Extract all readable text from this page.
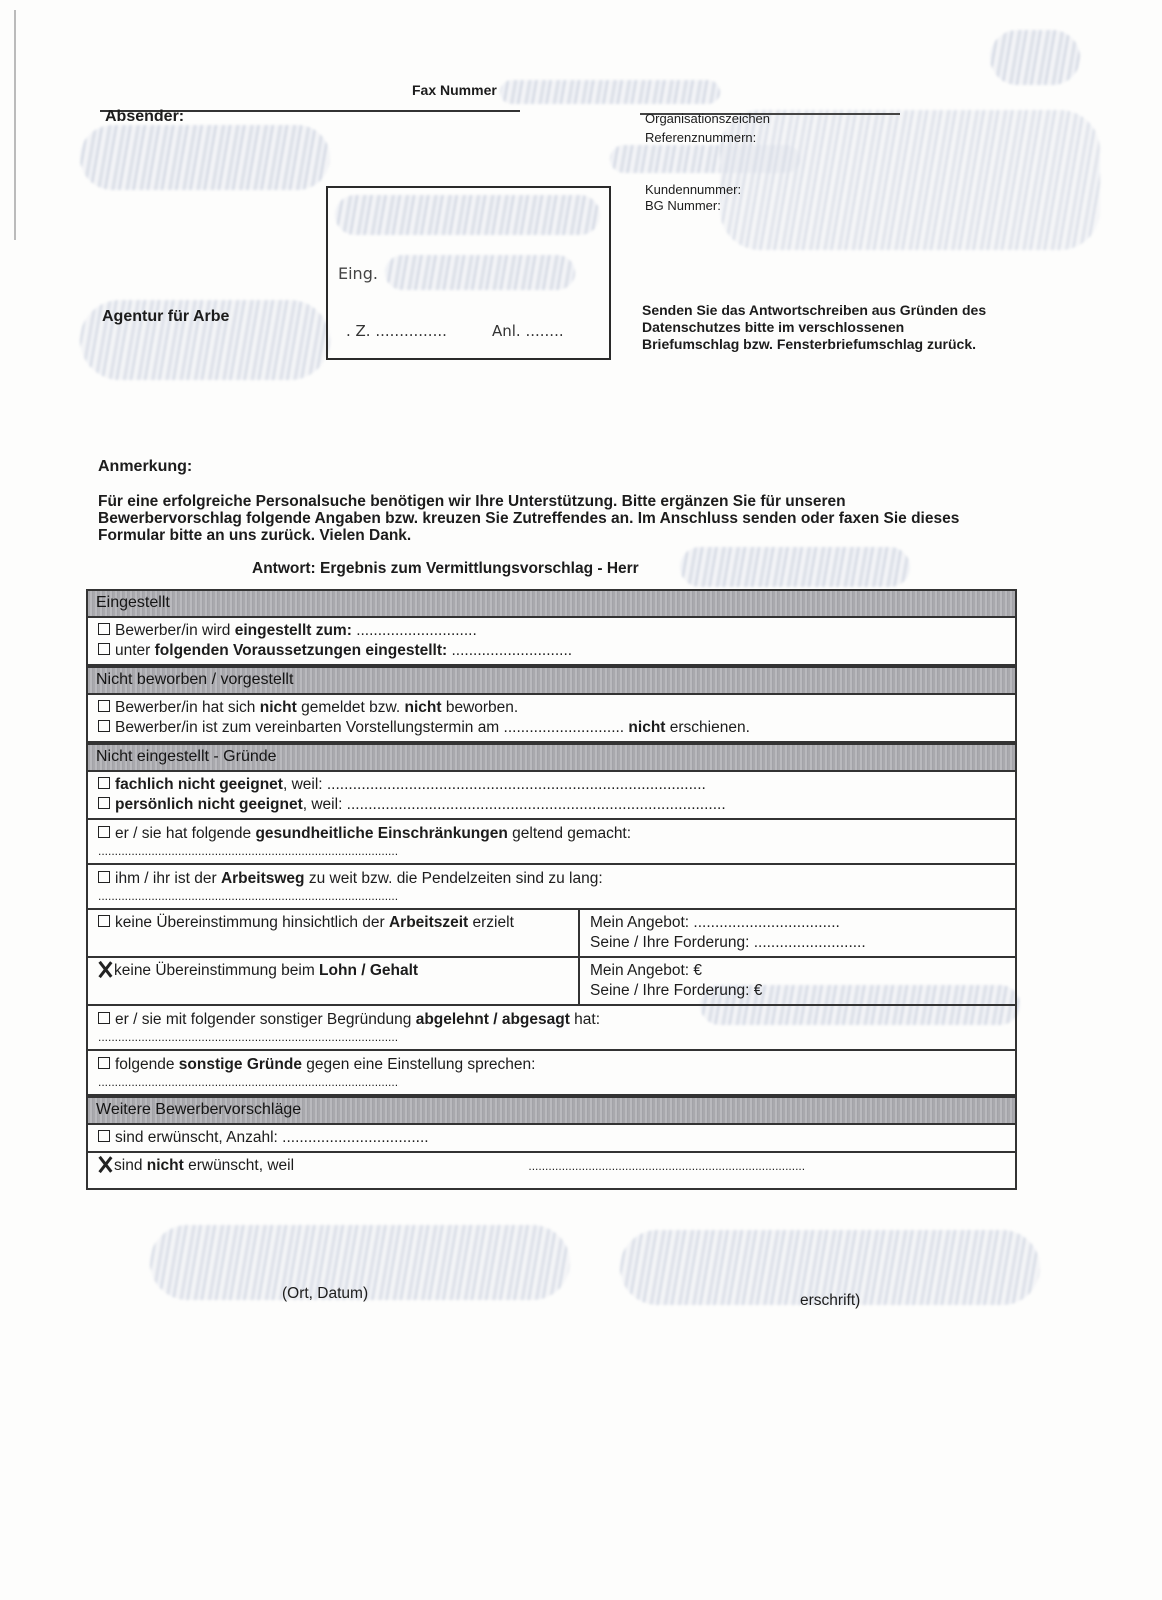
Fax Nummer
Absender:	Organisationszeichen
Referenznummern:
Kundennummer:
BG Nummer:
Agentur für Arbe
Eing.
. Z. ...............	Anl. ........
Senden Sie das Antwortschreiben aus Gründen des
Datenschutzes bitte im verschlossenen
Briefumschlag bzw. Fensterbriefumschlag zurück.
Anmerkung:
Für eine erfolgreiche Personalsuche benötigen wir Ihre Unterstützung. Bitte ergänzen Sie für unseren
Bewerbervorschlag folgende Angaben bzw. kreuzen Sie Zutreffendes an. Im Anschluss senden oder faxen Sie dieses
Formular bitte an uns zurück. Vielen Dank.
Antwort: Ergebnis zum Vermittlungsvorschlag - Herr
Eingestellt
Bewerber/in wird eingestellt zum: ............................
unter folgenden Voraussetzungen eingestellt: ............................
Nicht beworben / vorgestellt
Bewerber/in hat sich nicht gemeldet bzw. nicht beworben.
Bewerber/in ist zum vereinbarten Vorstellungstermin am ............................ nicht erschienen.
Nicht eingestellt - Gründe
fachlich nicht geeignet, weil: ........................................................................................
persönlich nicht geeignet, weil: ........................................................................................
er / sie hat folgende gesundheitliche Einschränkungen geltend gemacht:
..........................................................................................
ihm / ihr ist der Arbeitsweg zu weit bzw. die Pendelzeiten sind zu lang:
..........................................................................................
keine Übereinstimmung hinsichtlich der Arbeitszeit erzielt	Mein Angebot: ..................................
Seine / Ihre Forderung: ..........................
keine Übereinstimmung beim Lohn / Gehalt	Mein Angebot: €
Seine / Ihre Forderung: €
er / sie mit folgender sonstiger Begründung abgelehnt / abgesagt hat:
..........................................................................................
folgende sonstige Gründe gegen eine Einstellung sprechen:
..........................................................................................
Weitere Bewerbervorschläge
sind erwünscht, Anzahl: ..................................
sind nicht erwünscht, weil	...................................................................................
(Ort, Datum)	erschrift)
